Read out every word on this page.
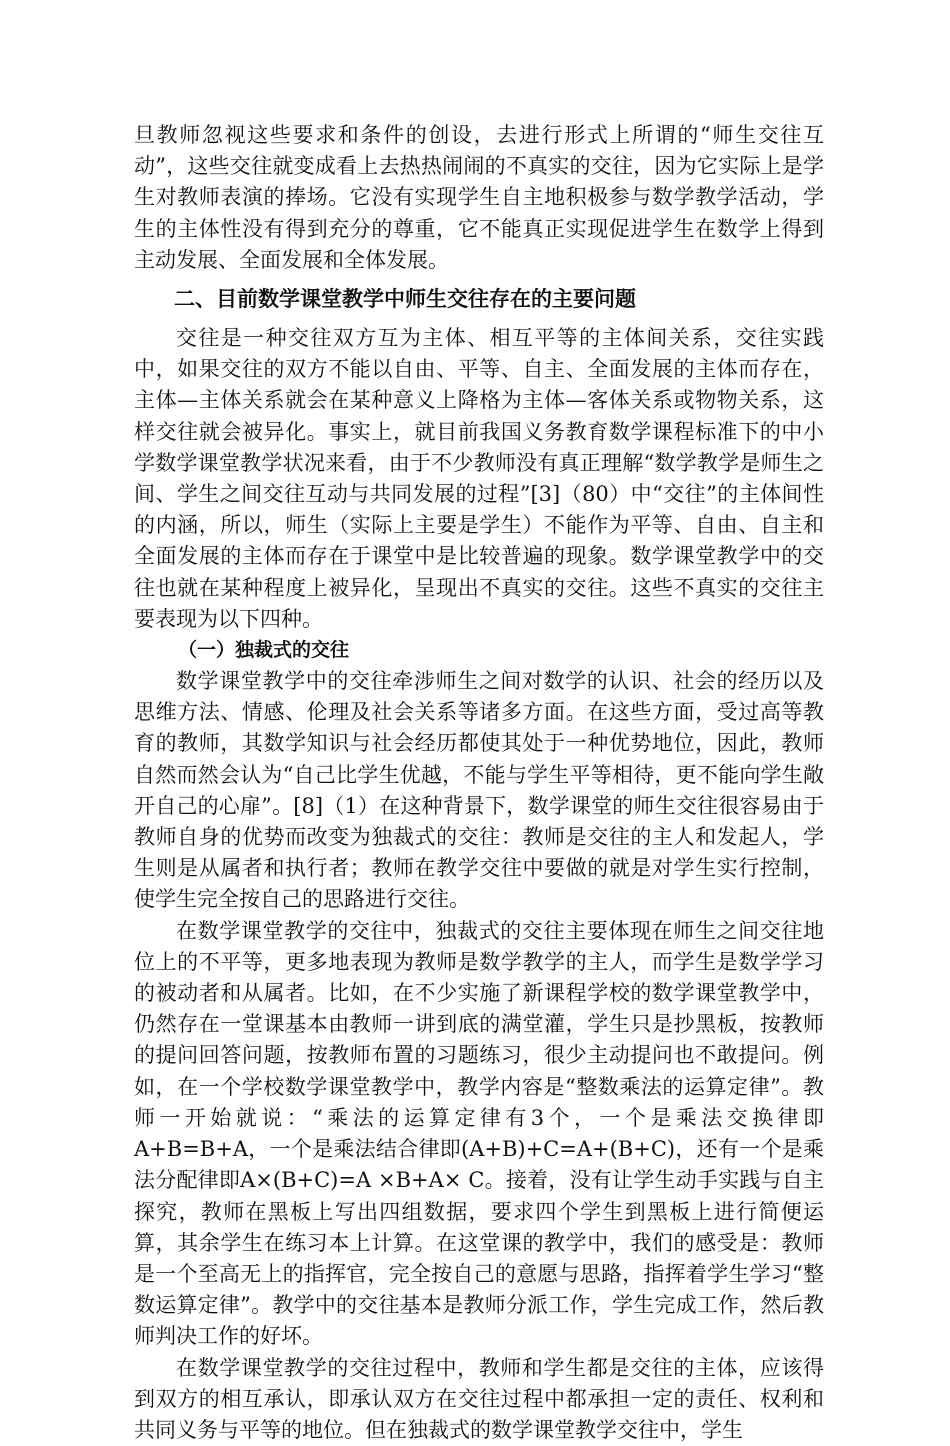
旦教师忽视这些要求和条件的创设，去进行形式上所谓的“师生交往互动”，这些交往就变成看上去热热闹闹的不真实的交往，因为它实际上是学生对教师表演的捧场。它没有实现学生自主地积极参与数学教学活动，学生的主体性没有得到充分的尊重，它不能真正实现促进学生在数学上得到主动发展、全面发展和全体发展。

二、目前数学课堂教学中师生交往存在的主要问题

交往是一种交往双方互为主体、相互平等的主体间关系，交往实践中，如果交往的双方不能以自由、平等、自主、全面发展的主体而存在，主体—主体关系就会在某种意义上降格为主体—客体关系或物物关系，这样交往就会被异化。事实上，就目前我国义务教育数学课程标准下的中小学数学课堂教学状况来看，由于不少教师没有真正理解“数学教学是师生之间、学生之间交往互动与共同发展的过程”[3]（80）中“交往”的主体间性的内涵，所以，师生（实际上主要是学生）不能作为平等、自由、自主和全面发展的主体而存在于课堂中是比较普遍的现象。数学课堂教学中的交往也就在某种程度上被异化，呈现出不真实的交往。这些不真实的交往主要表现为以下四种。

（一）独裁式的交往

数学课堂教学中的交往牵涉师生之间对数学的认识、社会的经历以及思维方法、情感、伦理及社会关系等诸多方面。在这些方面，受过高等教育的教师，其数学知识与社会经历都使其处于一种优势地位，因此，教师自然而然会认为“自己比学生优越，不能与学生平等相待，更不能向学生敞开自己的心扉”。[8]（1）在这种背景下，数学课堂的师生交往很容易由于教师自身的优势而改变为独裁式的交往：教师是交往的主人和发起人，学生则是从属者和执行者；教师在教学交往中要做的就是对学生实行控制，使学生完全按自己的思路进行交往。

在数学课堂教学的交往中，独裁式的交往主要体现在师生之间交往地位上的不平等，更多地表现为教师是数学教学的主人，而学生是数学学习的被动者和从属者。比如，在不少实施了新课程学校的数学课堂教学中，仍然存在一堂课基本由教师一讲到底的满堂灌，学生只是抄黑板，按教师的提问回答问题，按教师布置的习题练习，很少主动提问也不敢提问。例如，在一个学校数学课堂教学中，教学内容是“整数乘法的运算定律”。教师一开始就说：“乘法的运算定律有3个，一个是乘法交换律即A+B=B+A，一个是乘法结合律即(A+B)+C=A+(B+C)，还有一个是乘法分配律即A×(B+C)=A ×B+A× C。接着，没有让学生动手实践与自主探究，教师在黑板上写出四组数据，要求四个学生到黑板上进行简便运算，其余学生在练习本上计算。在这堂课的教学中，我们的感受是：教师是一个至高无上的指挥官，完全按自己的意愿与思路，指挥着学生学习“整数运算定律”。教学中的交往基本是教师分派工作，学生完成工作，然后教师判决工作的好坏。

在数学课堂教学的交往过程中，教师和学生都是交往的主体，应该得到双方的相互承认，即承认双方在交往过程中都承担一定的责任、权利和共同义务与平等的地位。但在独裁式的数学课堂教学交往中，学生
